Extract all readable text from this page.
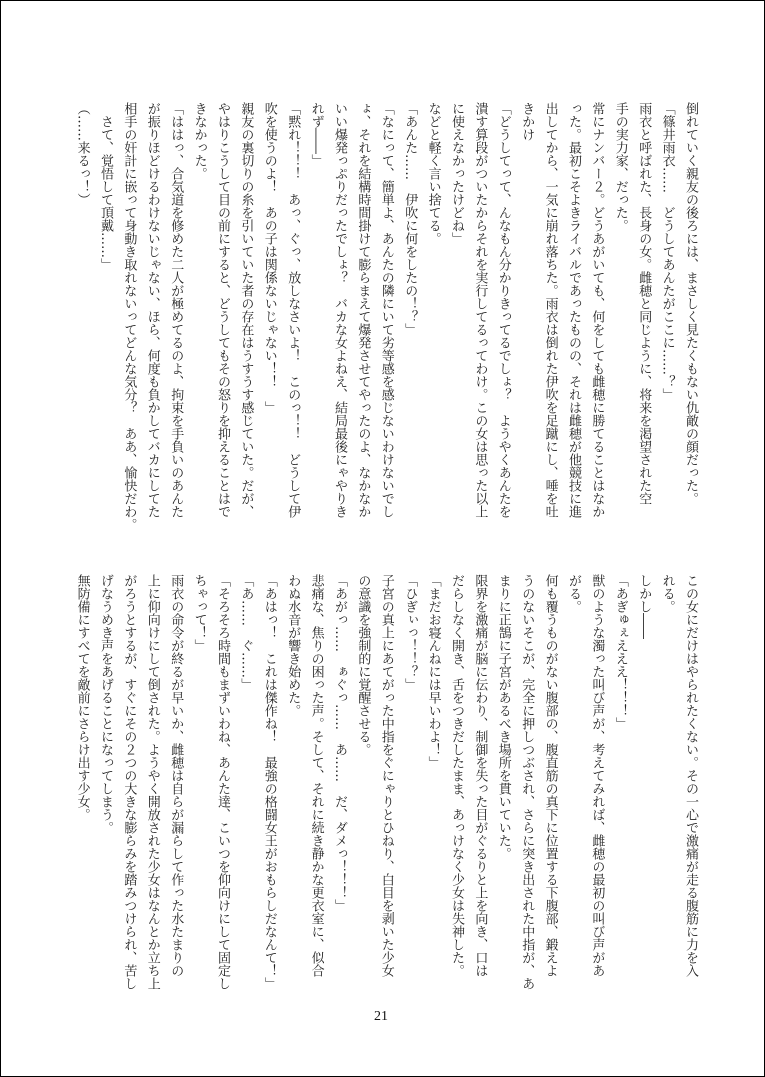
倒れていく親友の後ろには、まさしく見たくもない仇敵の顔だった。
「篠井雨衣……　どうしてあんたがここに……？」
雨衣と呼ばれた、長身の女。雌穂と同じように、将来を渇望された空
手の実力家、だった。
常にナンバー２。どうあがいても、何をしても雌穂に勝てることはなか
った。最初こそよきライバルであったものの、それは雌穂が他競技に進
出してから、一気に崩れ落ちた。雨衣は倒れた伊吹を足蹴にし、唾を吐
きかけ
「どうしてって、んなもん分かりきってるでしょ？　ようやくあんたを
潰す算段がついたからそれを実行してるってわけ。この女は思った以上
に使えなかったけどね」
などと軽く言い捨てる。
「あんた……　伊吹に何をしたの！？」
「なにって、簡単よ、あんたの隣にいて劣等感を感じないわけないでし
ょ、それを結構時間掛けて膨らまえて爆発させてやったのよ、なかなか
いい爆発っぷりだったでしょ？　バカな女よねえ、結局最後にゃやりき
れず――」
「黙れ！！！　あっ、ぐっ、放しなさいよ！　このっ！！　どうして伊
吹を使うのよ！　あの子は関係ないじゃない！！　」
親友の裏切りの糸を引いていた者の存在はうすうす感じていた。だが、
やはりこうして目の前にすると、どうしてもその怒りを抑えることはで
きなかった。
「ははっ、合気道を修めた二人が極めてるのよ、拘束を手負いのあんた
が振りほどけるわけないじゃない、ほら、何度も負かしてバカにしてた
相手の奸計に嵌って身動き取れないってどんな気分？　ああ、愉快だわ。
　さて、覚悟して頂戴……」
（……来るっ！）
この女にだけはやられたくない。その一心で激痛が走る腹筋に力を入
れる。
しかし――
「あぎゅぇえええ！！！」
獣のような濁った叫び声が、考えてみれば、雌穂の最初の叫び声があ
がる。
何も覆うものがない腹部の、腹直筋の真下に位置する下腹部、鍛えよ
うのないそこが、完全に押しつぶされ、さらに突き出された中指が、あ
まりに正鵠に子宮があるべき場所を貫いていた。
限界を激痛が脳に伝わり、制御を失った目がぐるりと上を向き、口は
だらしなく開き、舌をつきだしたまま、あっけなく少女は失神した。
「まだお寝んねには早いわよ！」
「ひぎぃっ！！？」
子宮の真上にあてがった中指をぐにゃりとひねり、白目を剥いた少女
の意識を強制的に覚醒させる。
「あがっ……　ぁぐっ……　あ……　だ、ダメっ！！！」
悲痛な、焦りの困った声。そして、それに続き静かな更衣室に、似合
わぬ水音が響き始めた。
「あはっ！　これは傑作ね！　最強の格闘女王がおもらしだなんて！」
「あ……　ぐ……」
「そろそろ時間もまずいわね、あんた達、こいつを仰向けにして固定し
ちゃって！」
雨衣の命令が終るが早いか、雌穂は自らが漏らして作った水たまりの
上に仰向けにして倒された。ようやく開放された少女はなんとか立ち上
がろうとするが、すぐにその２つの大きな膨らみを踏みつけられ、苦し
げなうめき声をあげることになってしまう。
無防備にすべてを敵前にさらけ出す少女。
21
